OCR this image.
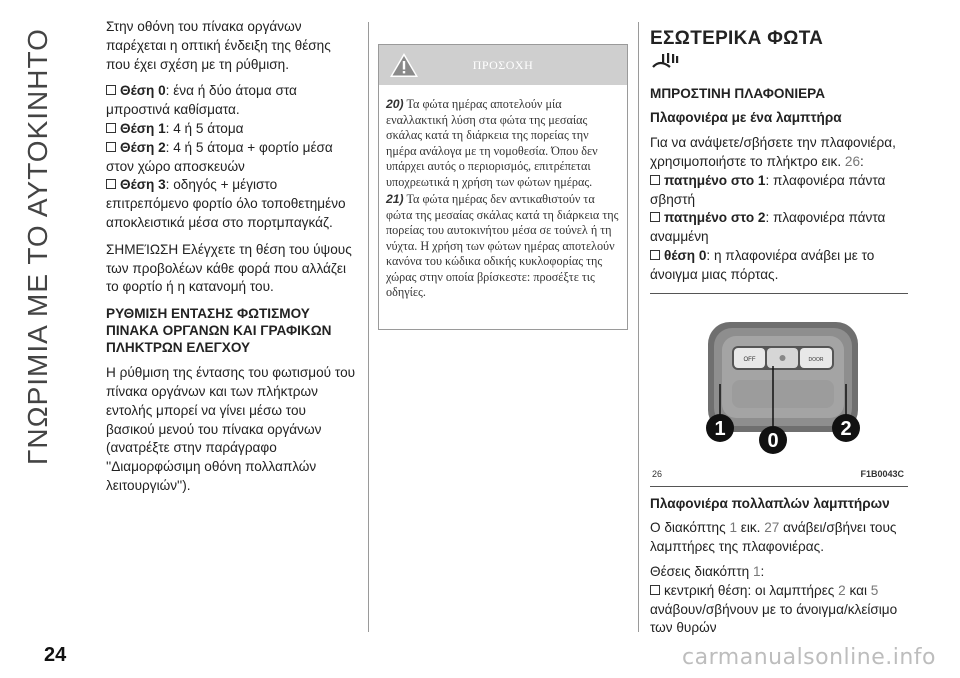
ΓΝΩΡΙΜΙΑ ΜΕ ΤΟ ΑΥΤΟΚΙΝΗΤΟ
24	carmanualsonline.info

Στην οθόνη του πίνακα οργάνων παρέχεται η οπτική ένδειξη της θέσης που έχει σχέση με τη ρύθμιση.

Θέση 0: ένα ή δύο άτομα στα μπροστινά καθίσματα.

Θέση 1: 4 ή 5 άτομα

Θέση 2: 4 ή 5 άτομα + φορτίο μέσα στον χώρο αποσκευών

Θέση 3: οδηγός + μέγιστο επιτρεπόμενο φορτίο όλο τοποθετημένο αποκλειστικά μέσα στο πορτμπαγκάζ.

ΣΗΜΕΊΩΣΗ Ελέγχετε τη θέση του ύψους των προβολέων κάθε φορά που αλλάζει το φορτίο ή η κατανομή του.

ΡΥΘΜΙΣΗ ΕΝΤΑΣΗΣ ΦΩΤΙΣΜΟΥ ΠΙΝΑΚΑ ΟΡΓΑΝΩΝ ΚΑΙ ΓΡΑΦΙΚΩΝ ΠΛΗΚΤΡΩΝ ΕΛΕΓΧΟΥ

Η ρύθμιση της έντασης του φωτισμού του πίνακα οργάνων και των πλήκτρων εντολής μπορεί να γίνει μέσω του βασικού μενού του πίνακα οργάνων (ανατρέξτε στην παράγραφο ''Διαμορφώσιμη οθόνη πολλαπλών λειτουργιών'').

ΠΡΟΣΟΧΗ

20) Τα φώτα ημέρας αποτελούν μία εναλλακτική λύση στα φώτα της μεσαίας σκάλας κατά τη διάρκεια της πορείας την ημέρα ανάλογα με τη νομοθεσία. Όπου δεν υπάρχει αυτός ο περιορισμός, επιτρέπεται υποχρεωτικά η χρήση των φώτων ημέρας.

21) Τα φώτα ημέρας δεν αντικαθιστούν τα φώτα της μεσαίας σκάλας κατά τη διάρκεια της πορείας του αυτοκινήτου μέσα σε τούνελ ή τη νύχτα. Η χρήση των φώτων ημέρας αποτελούν κανόνα του κώδικα οδικής κυκλοφορίας της χώρας στην οποία βρίσκεστε: προσέξτε τις οδηγίες.

ΕΣΩΤΕΡΙΚΑ ΦΩΤΑ
ΜΠΡΟΣΤΙΝΗ ΠΛΑΦΟΝΙΕΡΑ
Πλαφονιέρα με ένα λαμπτήρα

Για να ανάψετε/σβήσετε την πλαφονιέρα, χρησιμοποιήστε το πλήκτρο εικ. 26:

πατημένο στο 1: πλαφονιέρα πάντα σβηστή

πατημένο στο 2: πλαφονιέρα πάντα αναμμένη

θέση 0: η πλαφονιέρα ανάβει με το άνοιγμα μιας πόρτας.

OFF	DOOR
1
0
2
26	F1B0043C
Πλαφονιέρα πολλαπλών λαμπτήρων

Ο διακόπτης 1 εικ. 27 ανάβει/σβήνει τους λαμπτήρες της πλαφονιέρας.

Θέσεις διακόπτη 1:

κεντρική θέση: οι λαμπτήρες 2 και 5 ανάβουν/σβήνουν με το άνοιγμα/κλείσιμο των θυρών
